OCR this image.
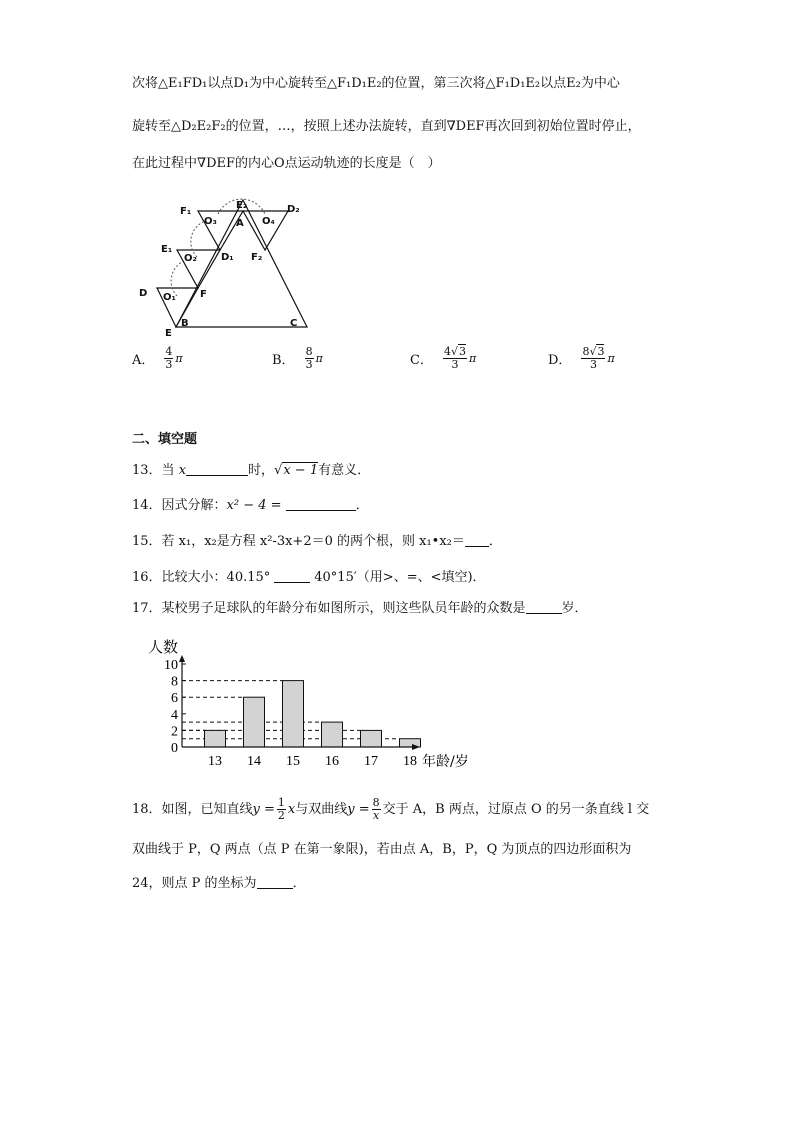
次将△E₁FD₁以点D₁为中心旋转至△F₁D₁E₂的位置，第三次将△F₁D₁E₂以点E₂为中心
旋转至△D₂E₂F₂的位置，…，按照上述办法旋转，直到∇DEF再次回到初始位置时停止，
在此过程中∇DEF的内心O点运动轨迹的长度是（　）
F₁
E₂	D₂
O₃	O₄
A
E₁
O₂ D₁ F₂
D O₁ F
B	C
E
A． $\frac{4}{3}$ π	B． $\frac{8}{3}$ π	C． $\frac{4√3}{3}$ π	D． $\frac{8√3}{3}$ π
二、填空题
13．当 x	时，√x − 1有意义．
14．因式分解：x² − 4 =	．
15．若 x₁，x₂是方程 x²-3x+2＝0 的两个根，则 x₁•x₂＝ ．
16．比较大小：40.15°	40°15′（用>、=、<填空)．
17．某校男子足球队的年龄分布如图所示，则这些队员年龄的众数是	岁．
0
2
4
6
8
10
13 14 15 16 17 18
人数
年龄/岁
18．如图，已知直线$y = \frac{1}{2}$ x与双曲线$y = \frac{8}{x}$ 交于 A，B 两点，过原点 O 的另一条直线 l 交
双曲线于 P，Q 两点（点 P 在第一象限)，若由点 A，B，P，Q 为顶点的四边形面积为
24，则点 P 的坐标为	．
